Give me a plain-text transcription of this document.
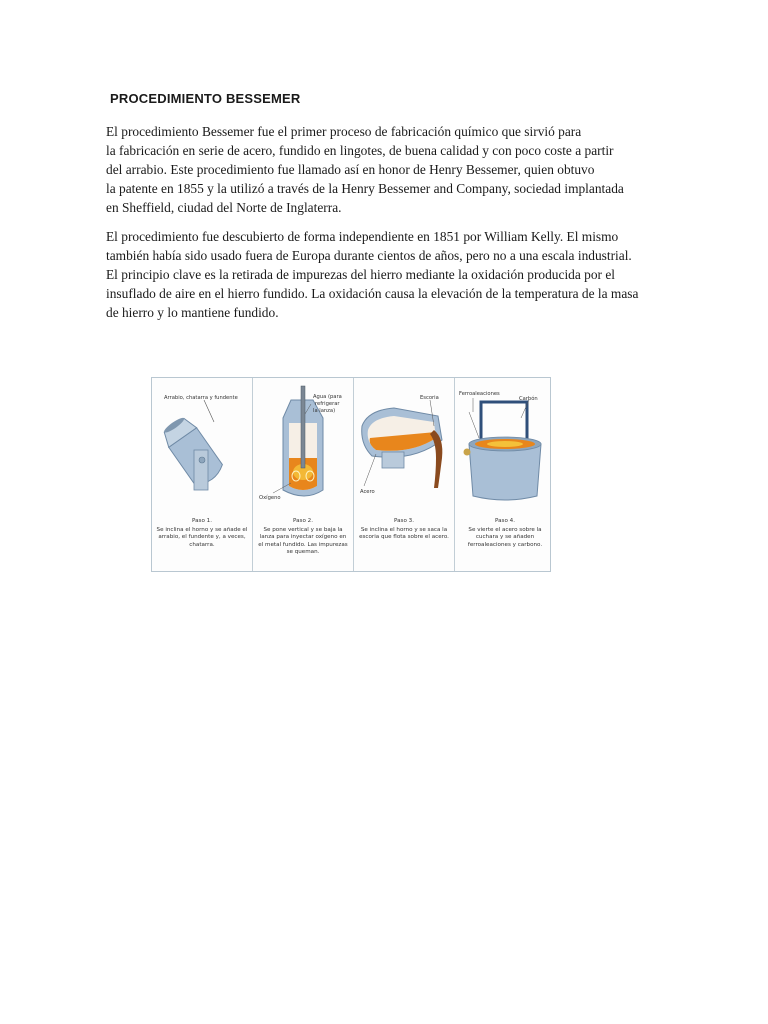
PROCEDIMIENTO BESSEMER
El procedimiento Bessemer fue el primer proceso de fabricación químico que sirvió para
la fabricación en serie de acero, fundido en lingotes, de buena calidad y con poco coste a partir
del arrabio. Este procedimiento fue llamado así en honor de Henry Bessemer, quien obtuvo
la patente en 1855 y la utilizó a través de la Henry Bessemer and Company, sociedad implantada
en Sheffield, ciudad del Norte de Inglaterra.
El procedimiento fue descubierto de forma independiente en 1851 por William Kelly. El mismo
también había sido usado fuera de Europa durante cientos de años, pero no a una escala industrial.
El principio clave es la retirada de impurezas del hierro mediante la oxidación producida por el
insuflado de aire en el hierro fundido. La oxidación causa la elevación de la temperatura de la masa
de hierro y lo mantiene fundido.
Arrabio, chatarra y fundente
Paso 1.
Se inclina el horno y se añade el arrabio, el fundente y, a veces, chatarra.
Agua (para
refrigerar
la lanza)
Oxígeno
Paso 2.
Se pone vertical y se baja la lanza para inyectar oxígeno en el metal fundido. Las impurezas se queman.
Escoria
Acero
Paso 3.
Se inclina el horno y se saca la escoria que flota sobre el acero.
Ferroaleaciones
Carbón
Paso 4.
Se vierte el acero sobre la cuchara y se añaden ferroaleaciones y carbono.
